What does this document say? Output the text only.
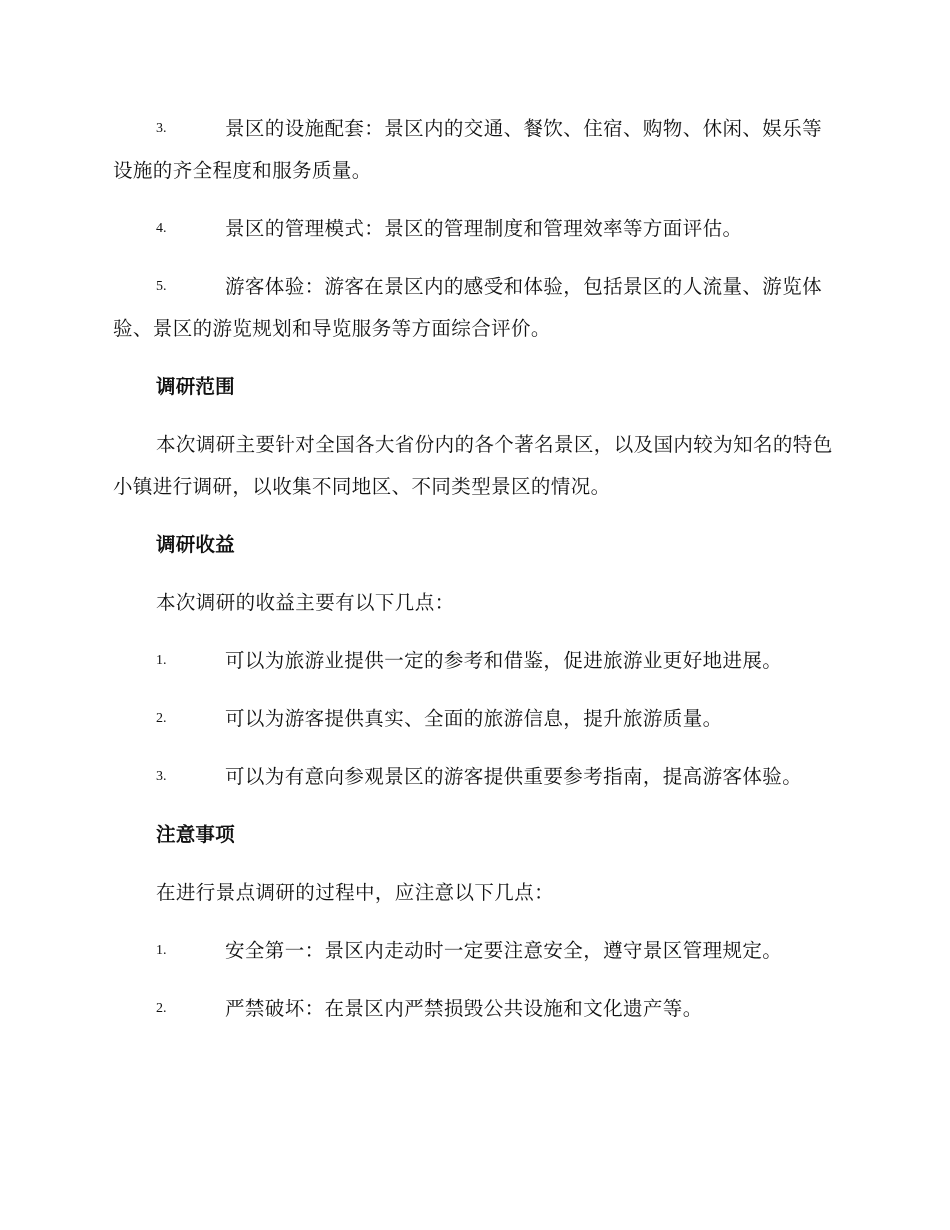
3.	景区的设施配套：景区内的交通、餐饮、住宿、购物、休闲、娱乐等设施的齐全程度和服务质量。
4.	景区的管理模式：景区的管理制度和管理效率等方面评估。
5.	游客体验：游客在景区内的感受和体验，包括景区的人流量、游览体验、景区的游览规划和导览服务等方面综合评价。
调研范围
本次调研主要针对全国各大省份内的各个著名景区，以及国内较为知名的特色小镇进行调研，以收集不同地区、不同类型景区的情况。
调研收益
本次调研的收益主要有以下几点：
1.	可以为旅游业提供一定的参考和借鉴，促进旅游业更好地进展。
2.	可以为游客提供真实、全面的旅游信息，提升旅游质量。
3.	可以为有意向参观景区的游客提供重要参考指南，提高游客体验。
注意事项
在进行景点调研的过程中，应注意以下几点：
1.	安全第一：景区内走动时一定要注意安全，遵守景区管理规定。
2.	严禁破坏：在景区内严禁损毁公共设施和文化遗产等。
